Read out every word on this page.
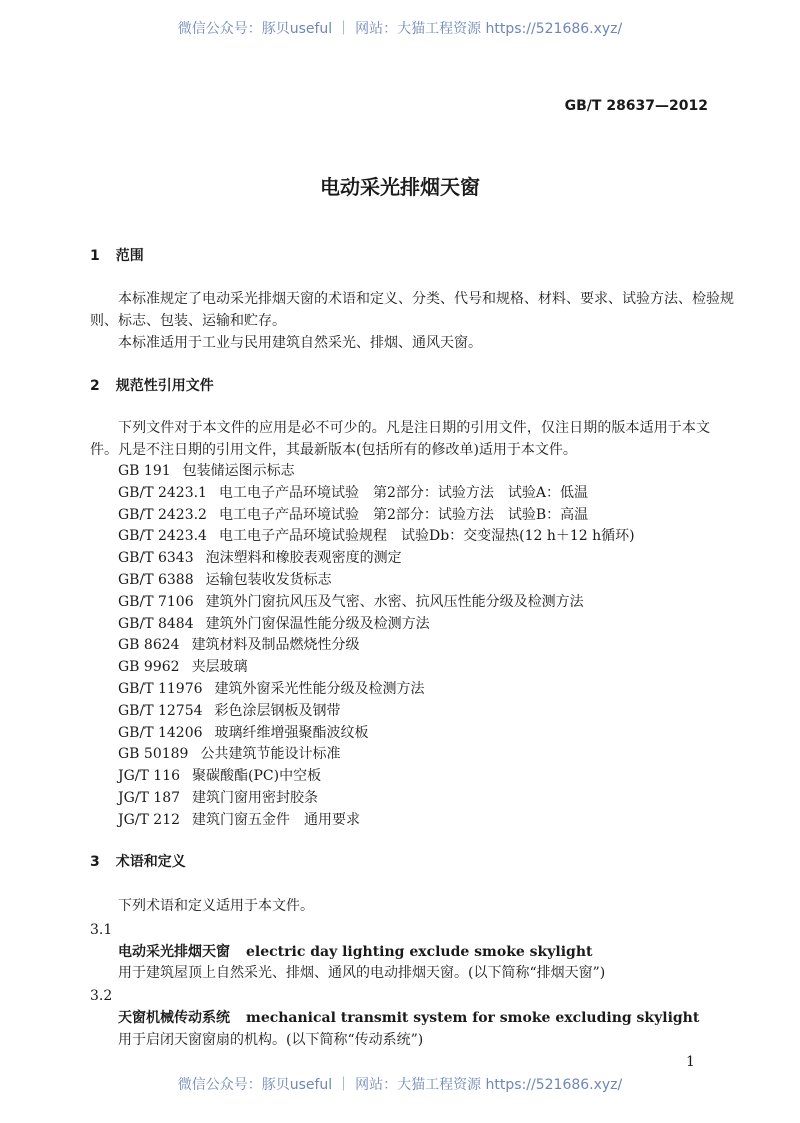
微信公众号：豚贝useful ｜ 网站：大猫工程资源 https://521686.xyz/
GB/T 28637—2012
电动采光排烟天窗
1 范围
本标准规定了电动采光排烟天窗的术语和定义、分类、代号和规格、材料、要求、试验方法、检验规
则、标志、包装、运输和贮存。
本标准适用于工业与民用建筑自然采光、排烟、通风天窗。
2 规范性引用文件
下列文件对于本文件的应用是必不可少的。凡是注日期的引用文件，仅注日期的版本适用于本文
件。凡是不注日期的引用文件，其最新版本(包括所有的修改单)适用于本文件。
GB 191 包装储运图示标志
GB/T 2423.1 电工电子产品环境试验　第2部分：试验方法　试验A：低温
GB/T 2423.2 电工电子产品环境试验　第2部分：试验方法　试验B：高温
GB/T 2423.4 电工电子产品环境试验规程　试验Db：交变湿热(12 h＋12 h循环)
GB/T 6343 泡沫塑料和橡胶表观密度的测定
GB/T 6388 运输包装收发货标志
GB/T 7106 建筑外门窗抗风压及气密、水密、抗风压性能分级及检测方法
GB/T 8484 建筑外门窗保温性能分级及检测方法
GB 8624 建筑材料及制品燃烧性分级
GB 9962 夹层玻璃
GB/T 11976 建筑外窗采光性能分级及检测方法
GB/T 12754 彩色涂层钢板及钢带
GB/T 14206 玻璃纤维增强聚酯波纹板
GB 50189 公共建筑节能设计标准
JG/T 116 聚碳酸酯(PC)中空板
JG/T 187 建筑门窗用密封胶条
JG/T 212 建筑门窗五金件　通用要求
3 术语和定义
下列术语和定义适用于本文件。
3.1
电动采光排烟天窗 electric day lighting exclude smoke skylight
用于建筑屋顶上自然采光、排烟、通风的电动排烟天窗。(以下简称“排烟天窗”)
3.2
天窗机械传动系统 mechanical transmit system for smoke excluding skylight
用于启闭天窗窗扇的机构。(以下简称“传动系统”)
1
微信公众号：豚贝useful ｜ 网站：大猫工程资源 https://521686.xyz/
